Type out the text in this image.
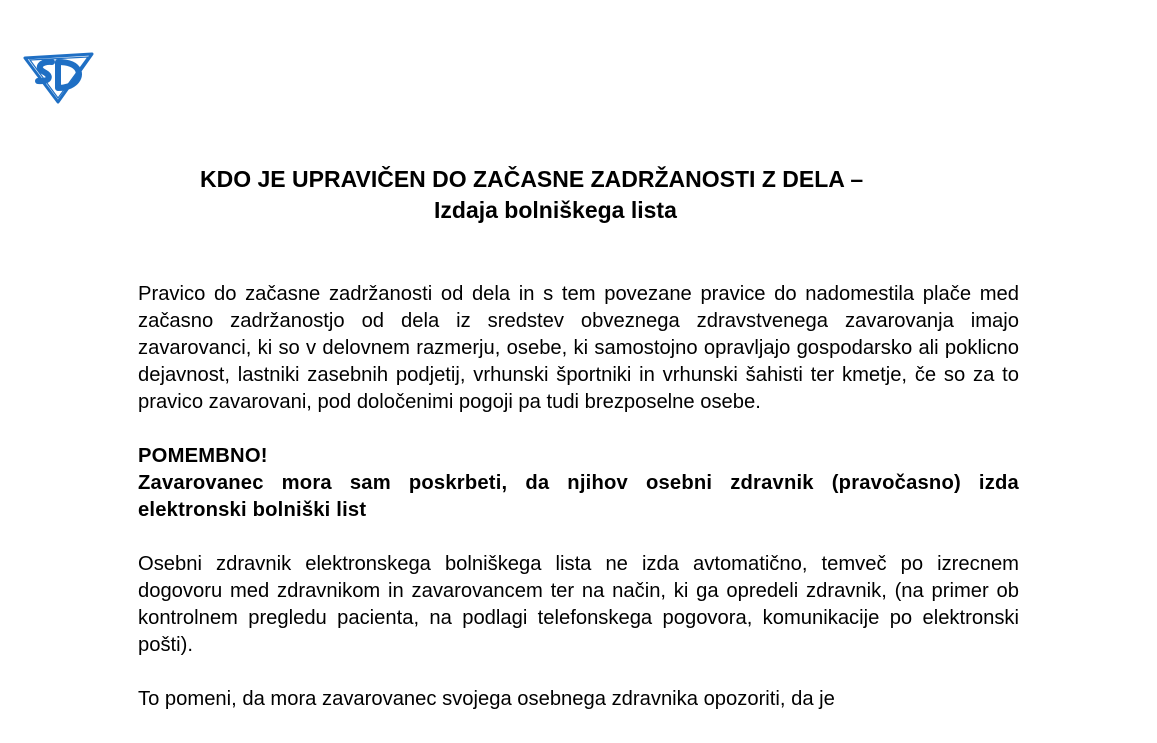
KDO JE UPRAVIČEN DO ZAČASNE ZADRŽANOSTI Z DELA –
Izdaja bolniškega lista

Pravico do začasne zadržanosti od dela in s tem povezane pravice do nadomestila plače med začasno zadržanostjo od dela iz sredstev obveznega zdravstvenega zavarovanja imajo zavarovanci, ki so v delovnem razmerju, osebe, ki samostojno opravljajo gospodarsko ali poklicno dejavnost, lastniki zasebnih podjetij, vrhunski športniki in vrhunski šahisti ter kmetje, če so za to pravico zavarovani, pod določenimi pogoji pa tudi brezposelne osebe.

POMEMBNO!

Zavarovanec mora sam poskrbeti, da njihov osebni zdravnik (pravočasno) izda elektronski bolniški list

Osebni zdravnik elektronskega bolniškega lista ne izda avtomatično, temveč po izrecnem dogovoru med zdravnikom in zavarovancem ter na način, ki ga opredeli zdravnik, (na primer ob kontrolnem pregledu pacienta, na podlagi telefonskega pogovora, komunikacije po elektronski pošti).

To pomeni, da mora zavarovanec svojega osebnega zdravnika opozoriti, da je
